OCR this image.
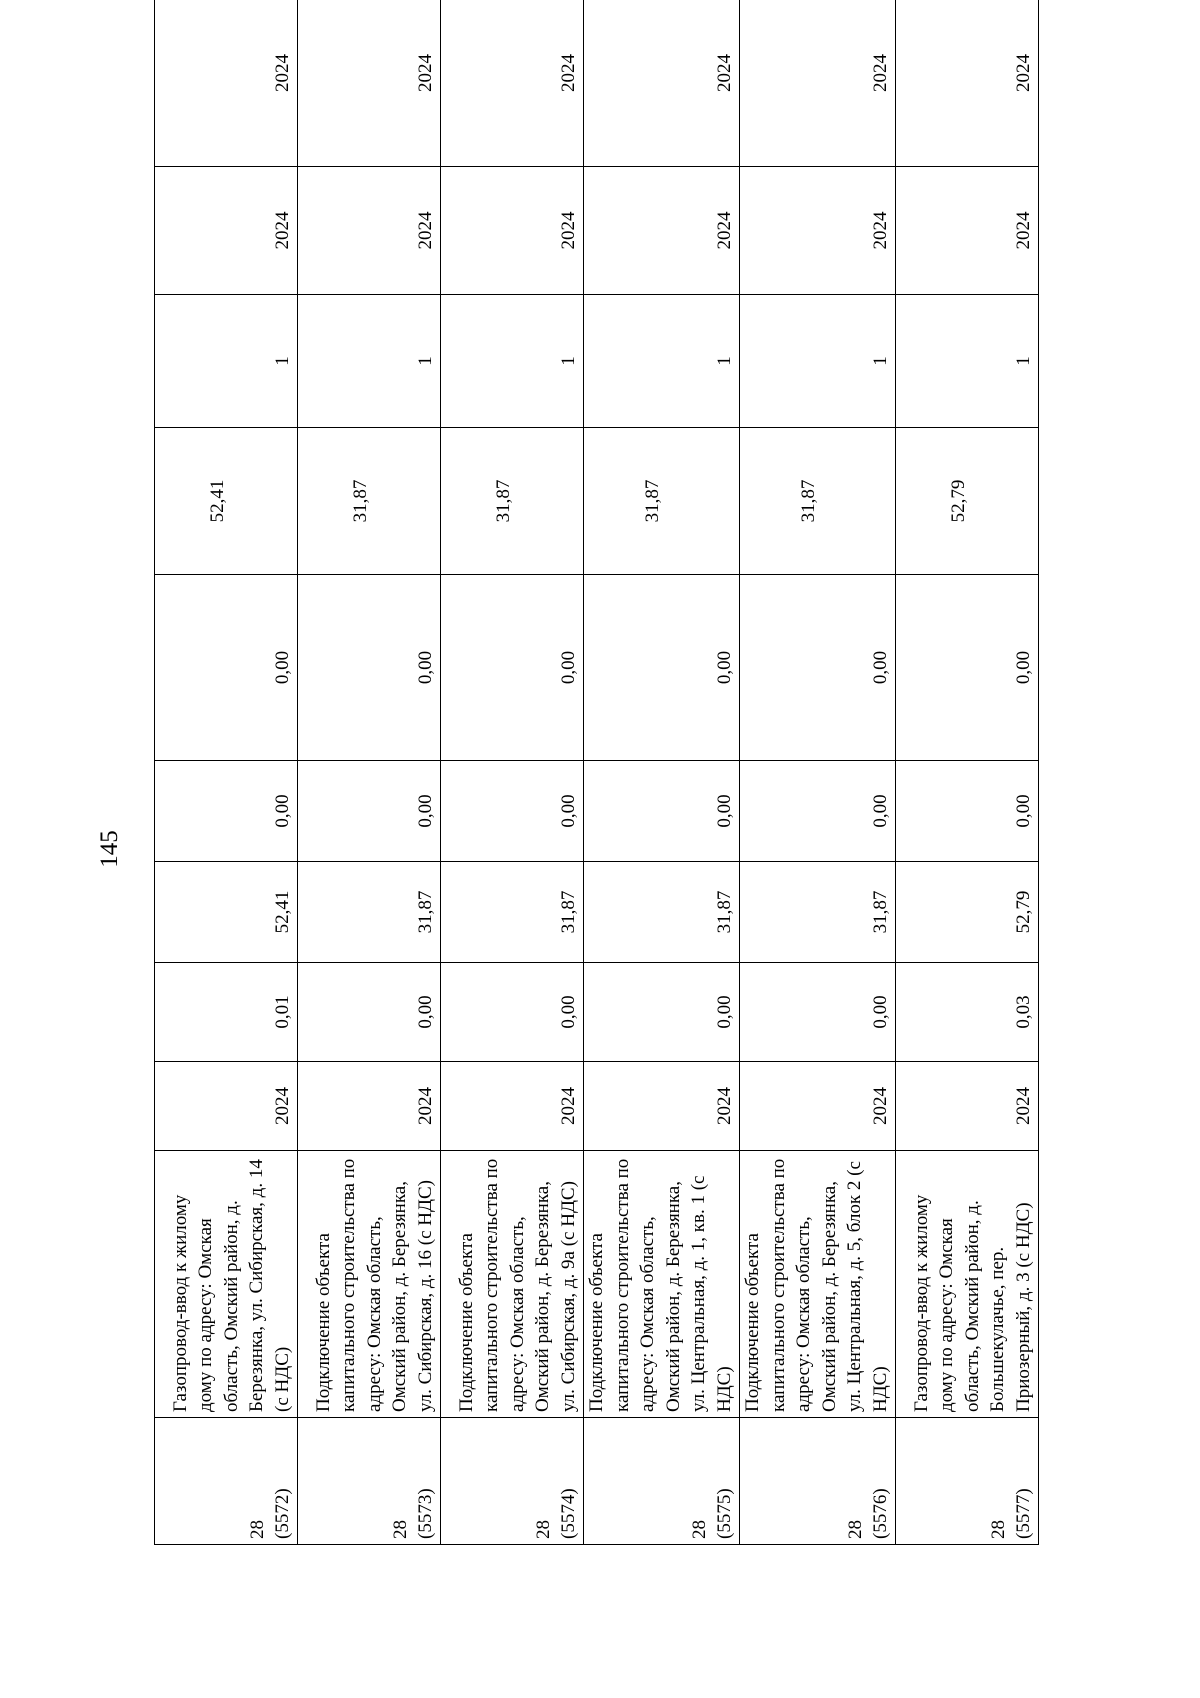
145
28 (5572)	Газопровод-ввод к жилому дому по адресу: Омская область, Омский район, д. Березянка, ул. Сибирская, д. 14 (с НДС)	2024	0,01	52,41	0,00	0,00	52,41	1	2024	2024

28 (5573)	Подключение объекта капитального строительства по адресу: Омская область, Омский район, д. Березянка, ул. Сибирская, д. 16 (с НДС)	2024	0,00	31,87	0,00	0,00	31,87	1	2024	2024

28 (5574)	Подключение объекта капитального строительства по адресу: Омская область, Омский район, д. Березянка, ул. Сибирская, д. 9а (с НДС)	2024	0,00	31,87	0,00	0,00	31,87	1	2024	2024

28 (5575)	Подключение объекта капитального строительства по адресу: Омская область, Омский район, д. Березянка, ул. Центральная, д. 1, кв. 1 (с НДС)	2024	0,00	31,87	0,00	0,00	31,87	1	2024	2024

28 (5576)	Подключение объекта капитального строительства по адресу: Омская область, Омский район, д. Березянка, ул. Центральная, д. 5, блок 2 (с НДС)	2024	0,00	31,87	0,00	0,00	31,87	1	2024	2024

28 (5577)	Газопровод-ввод к жилому дому по адресу: Омская область, Омский район, д. Большекулачье, пер. Приозерный, д. 3 (с НДС)	2024	0,03	52,79	0,00	0,00	52,79	1	2024	2024
